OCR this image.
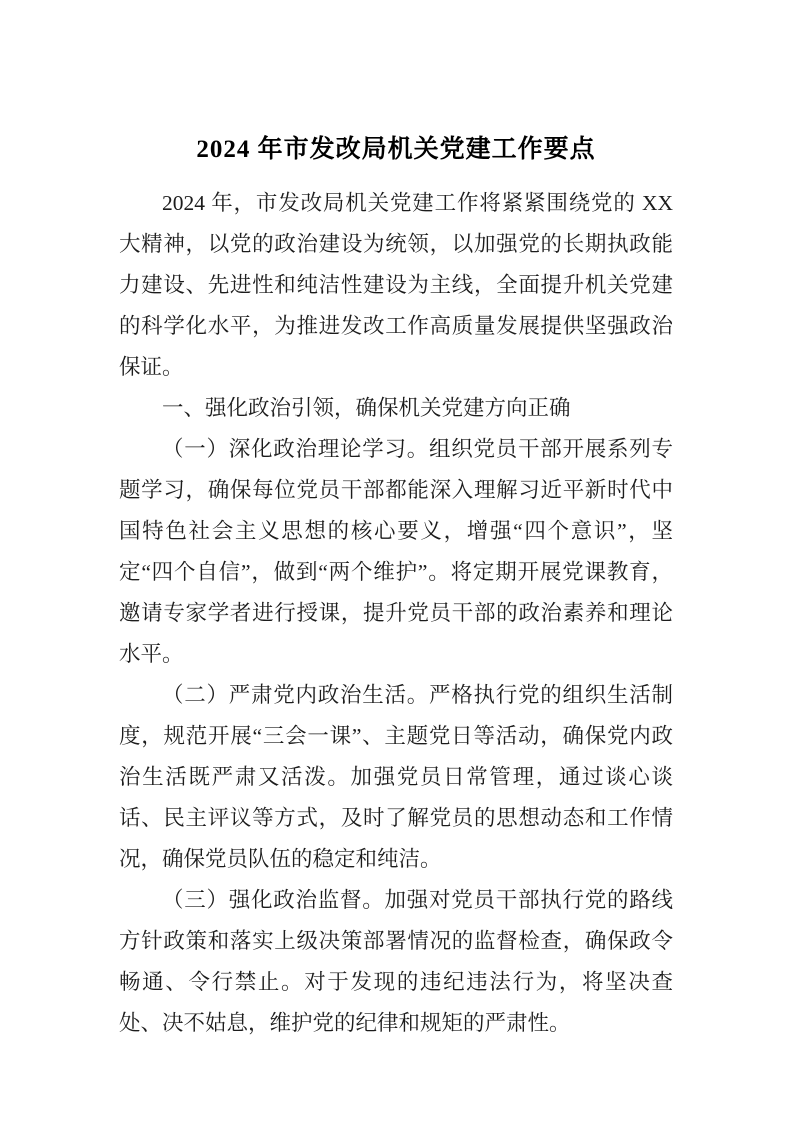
2024 年市发改局机关党建工作要点

2024 年，市发改局机关党建工作将紧紧围绕党的 XX 大精神，以党的政治建设为统领，以加强党的长期执政能力建设、先进性和纯洁性建设为主线，全面提升机关党建的科学化水平，为推进发改工作高质量发展提供坚强政治保证。

一、强化政治引领，确保机关党建方向正确

（一）深化政治理论学习。组织党员干部开展系列专题学习，确保每位党员干部都能深入理解习近平新时代中国特色社会主义思想的核心要义，增强“四个意识”，坚定“四个自信”，做到“两个维护”。将定期开展党课教育，邀请专家学者进行授课，提升党员干部的政治素养和理论水平。

（二）严肃党内政治生活。严格执行党的组织生活制度，规范开展“三会一课”、主题党日等活动，确保党内政治生活既严肃又活泼。加强党员日常管理，通过谈心谈话、民主评议等方式，及时了解党员的思想动态和工作情况，确保党员队伍的稳定和纯洁。

（三）强化政治监督。加强对党员干部执行党的路线方针政策和落实上级决策部署情况的监督检查，确保政令畅通、令行禁止。对于发现的违纪违法行为，将坚决查处、决不姑息，维护党的纪律和规矩的严肃性。
